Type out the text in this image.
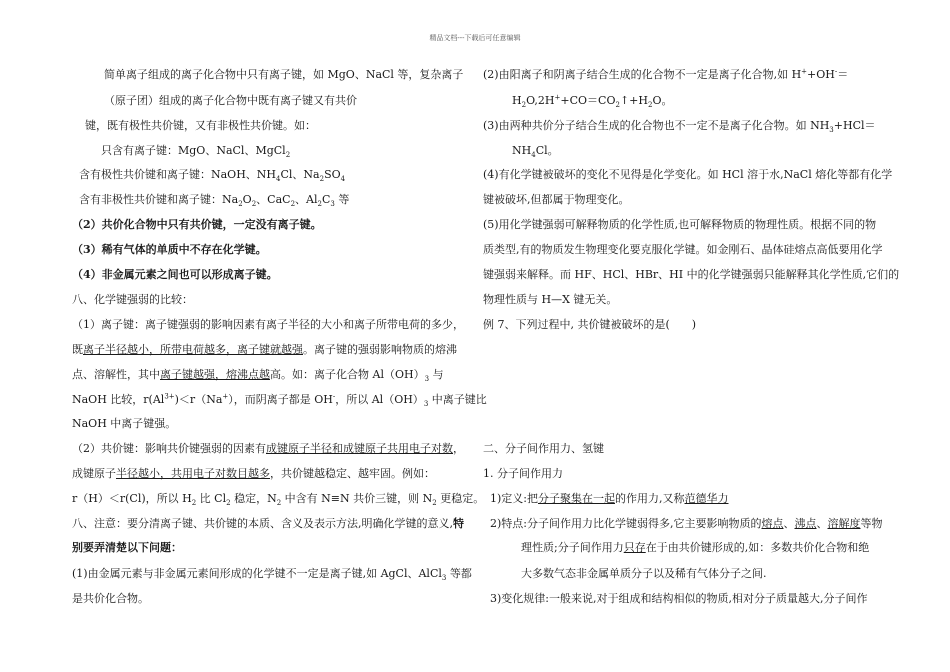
精品文档---下载后可任意编辑
简单离子组成的离子化合物中只有离子键，如 MgO、NaCl 等，复杂离子
（原子团）组成的离子化合物中既有离子键又有共价
键，既有极性共价键，又有非极性共价键。如：
只含有离子键：MgO、NaCl、MgCl$_2$
含有极性共价键和离子键：NaOH、$NH_4Cl$、$Na_2SO_4$
含有非极性共价键和离子键：$Na_2O_2$、CaC$_2$、$Al_2C_3$ 等
（2）共价化合物中只有共价键，一定没有离子键。
（3）稀有气体的单质中不存在化学键。
（4）非金属元素之间也可以形成离子键。
八、化学键强弱的比较：
（1）离子键：离子键强弱的影响因素有离子半径的大小和离子所带电荷的多少，
既离子半径越小，所带电荷越多，离子键就越强。离子键的强弱影响物质的熔沸
点、溶解性，其中离子键越强，熔沸点越高。如：离子化合物 $Al(OH)_3$ 与
NaOH 比较，$r(Al^{3+})<r(Na^+)$，而阴离子都是 OH-，所以 $Al(OH)_3$ 中离子键比
NaOH 中离子键强。
（2）共价键：影响共价键强弱的因素有成键原子半径和成键原子共用电子对数，
成键原子半径越小，共用电子对数目越多，共价键越稳定、越牢固。例如：
r（H）＜r(Cl)，所以 $H_2$ 比 $Cl_2$ 稳定，$N_2$ 中含有 N≡N 共价三键，则 $N_2$ 更稳定。
八、注意：要分清离子键、共价键的本质、含义及表示方法,明确化学键的意义,特
别要弄清楚以下问题：
(1)由金属元素与非金属元素间形成的化学键不一定是离子键,如 AgCl、AlCl$_3$ 等都
是共价化合物。
(2)由阳离子和阴离子结合生成的化合物不一定是离子化合物,如 H++OH-＝
$H_2O,2H^++CO=CO_2↑+H_2O$。
(3)由两种共价分子结合生成的化合物也不一定不是离子化合物。如 $NH_3+HCl=$
$NH_4Cl$。
(4)有化学键被破坏的变化不见得是化学变化。如 HCl 溶于水,NaCl 熔化等都有化学
键被破坏,但都属于物理变化。
(5)用化学键强弱可解释物质的化学性质,也可解释物质的物理性质。根据不同的物
质类型,有的物质发生物理变化要克服化学键。如金刚石、晶体硅熔点高低要用化学
键强弱来解释。而 HF、HCl、HBr、HI 中的化学键强弱只能解释其化学性质,它们的
物理性质与 H—X 键无关。
例 7、下列过程中, 共价键被破坏的是(　　)
二、分子间作用力、氢键
1. 分子间作用力
1)定义:把分子聚集在一起的作用力,又称范德华力
2)特点:分子间作用力比化学键弱得多,它主要影响物质的熔点、沸点、溶解度等物
理性质;分子间作用力只存在于由共价键形成的,如：多数共价化合物和绝
大多数气态非金属单质分子以及稀有气体分子之间.
3)变化规律:一般来说,对于组成和结构相似的物质,相对分子质量越大,分子间作
